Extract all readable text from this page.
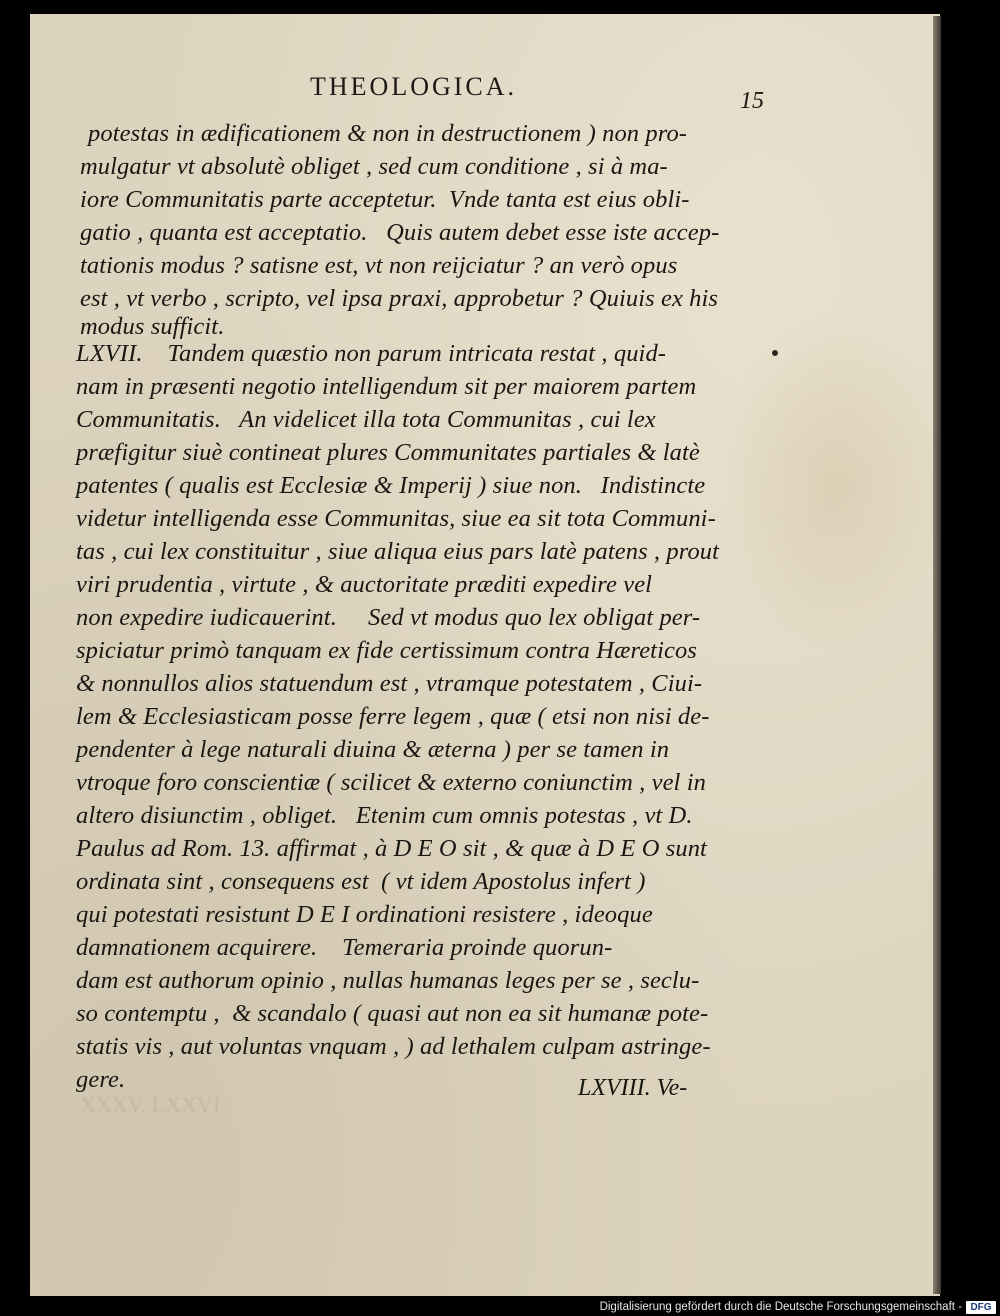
XXXV. LXXVI
THEOLOGICA.	15
potestas in ædificationem & non in destructionem ) non pro-
mulgatur vt absolutè obliget , sed cum conditione , si à ma-
iore Communitatis parte acceptetur.  Vnde tanta est eius obli-
gatio , quanta est acceptatio.   Quis autem debet esse iste accep-
tationis modus ? satisne est, vt non reijciatur ? an verò opus
est , vt verbo , scripto, vel ipsa praxi, approbetur ? Quiuis ex his
modus sufficit.
LXVII.    Tandem quæstio non parum intricata restat , quid-
nam in præsenti negotio intelligendum sit per maiorem partem
Communitatis.   An videlicet illa tota Communitas , cui lex
præfigitur siuè contineat plures Communitates partiales & latè
patentes ( qualis est Ecclesiæ & Imperij ) siue non.   Indistincte
videtur intelligenda esse Communitas, siue ea sit tota Communi-
tas , cui lex constituitur , siue aliqua eius pars latè patens , prout
viri prudentia , virtute , & auctoritate præditi expedire vel
non expedire iudicauerint.     Sed vt modus quo lex obligat per-
spiciatur primò tanquam ex fide certissimum contra Hæreticos
& nonnullos alios statuendum est , vtramque potestatem , Ciui-
lem & Ecclesiasticam posse ferre legem , quæ ( etsi non nisi de-
pendenter à lege naturali diuina & æterna ) per se tamen in
vtroque foro conscientiæ ( scilicet & externo coniunctim , vel in
altero disiunctim , obliget.   Etenim cum omnis potestas , vt D.
Paulus ad Rom. 13. affirmat , à D E O sit , & quæ à D E O sunt
ordinata sint , consequens est  ( vt idem Apostolus infert )
qui potestati resistunt D E I ordinationi resistere , ideoque
damnationem acquirere.    Temeraria proinde quorun-
dam est authorum opinio , nullas humanas leges per se , seclu-
so contemptu ,  & scandalo ( quasi aut non ea sit humanæ pote-
statis vis , aut voluntas vnquam , ) ad lethalem culpam astringe-
gere.	LXVIII. Ve-
Digitalisierung gefördert durch die Deutsche Forschungsgemeinschaft - DFG
